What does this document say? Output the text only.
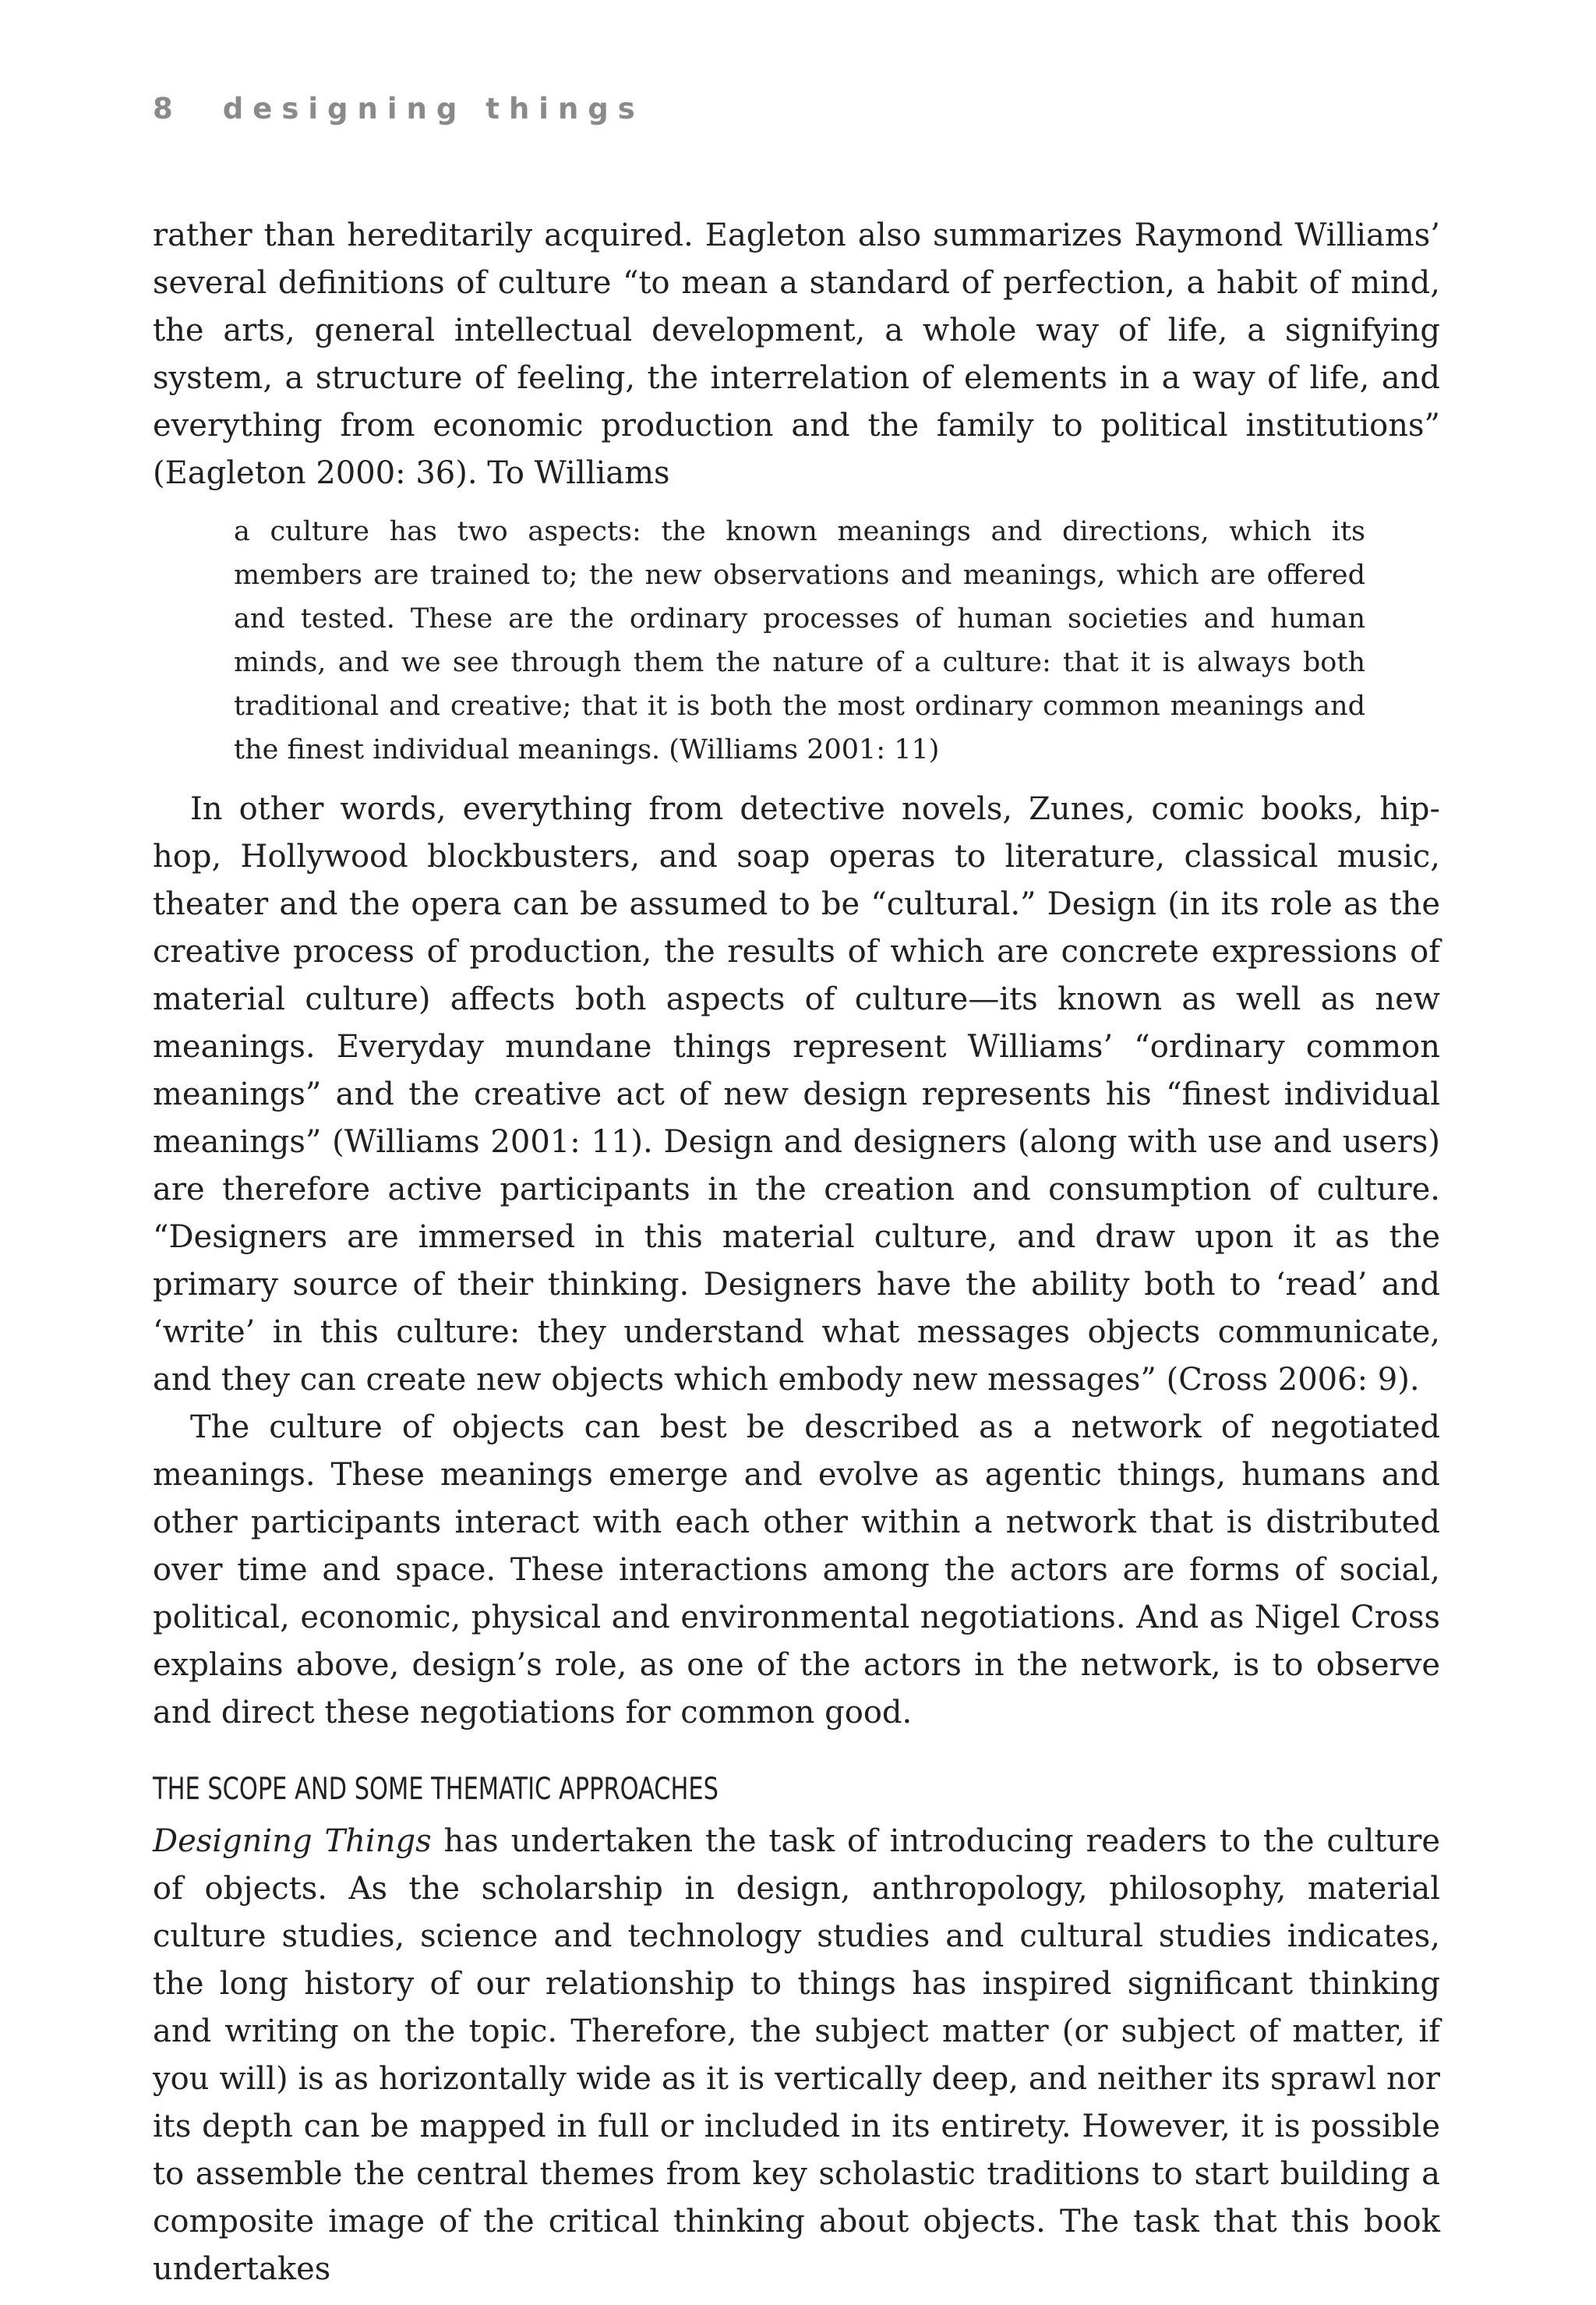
8 designing things

rather than hereditarily acquired. Eagleton also summarizes Raymond Williams’ several definitions of culture “to mean a standard of perfection, a habit of mind, the arts, general intellectual development, a whole way of life, a signifying system, a structure of feeling, the interrelation of elements in a way of life, and everything from economic production and the family to political institutions” (Eagleton 2000: 36). To Williams

a culture has two aspects: the known meanings and directions, which its members are trained to; the new observations and meanings, which are offered and tested. These are the ordinary processes of human societies and human minds, and we see through them the nature of a culture: that it is always both traditional and creative; that it is both the most ordinary common meanings and the finest individual meanings. (Williams 2001: 11)

In other words, everything from detective novels, Zunes, comic books, hip-hop, Hollywood blockbusters, and soap operas to literature, classical music, theater and the opera can be assumed to be “cultural.” Design (in its role as the creative process of production, the results of which are concrete expressions of material culture) affects both aspects of culture—its known as well as new meanings. Everyday mundane things represent Williams’ “ordinary common meanings” and the creative act of new design represents his “finest individual meanings” (Williams 2001: 11). Design and designers (along with use and users) are therefore active participants in the creation and consumption of culture. “Designers are immersed in this material culture, and draw upon it as the primary source of their thinking. Designers have the ability both to ‘read’ and ‘write’ in this culture: they understand what messages objects communicate, and they can create new objects which embody new messages” (Cross 2006: 9).

The culture of objects can best be described as a network of negotiated meanings. These meanings emerge and evolve as agentic things, humans and other participants interact with each other within a network that is distributed over time and space. These interactions among the actors are forms of social, political, economic, physical and environmental negotiations. And as Nigel Cross explains above, design’s role, as one of the actors in the network, is to observe and direct these negotiations for common good.

THE SCOPE AND SOME THEMATIC APPROACHES

Designing Things has undertaken the task of introducing readers to the culture of objects. As the scholarship in design, anthropology, philosophy, material culture studies, science and technology studies and cultural studies indicates, the long history of our relationship to things has inspired significant thinking and writing on the topic. Therefore, the subject matter (or subject of matter, if you will) is as horizontally wide as it is vertically deep, and neither its sprawl nor its depth can be mapped in full or included in its entirety. However, it is possible to assemble the central themes from key scholastic traditions to start building a composite image of the critical thinking about objects. The task that this book undertakes
